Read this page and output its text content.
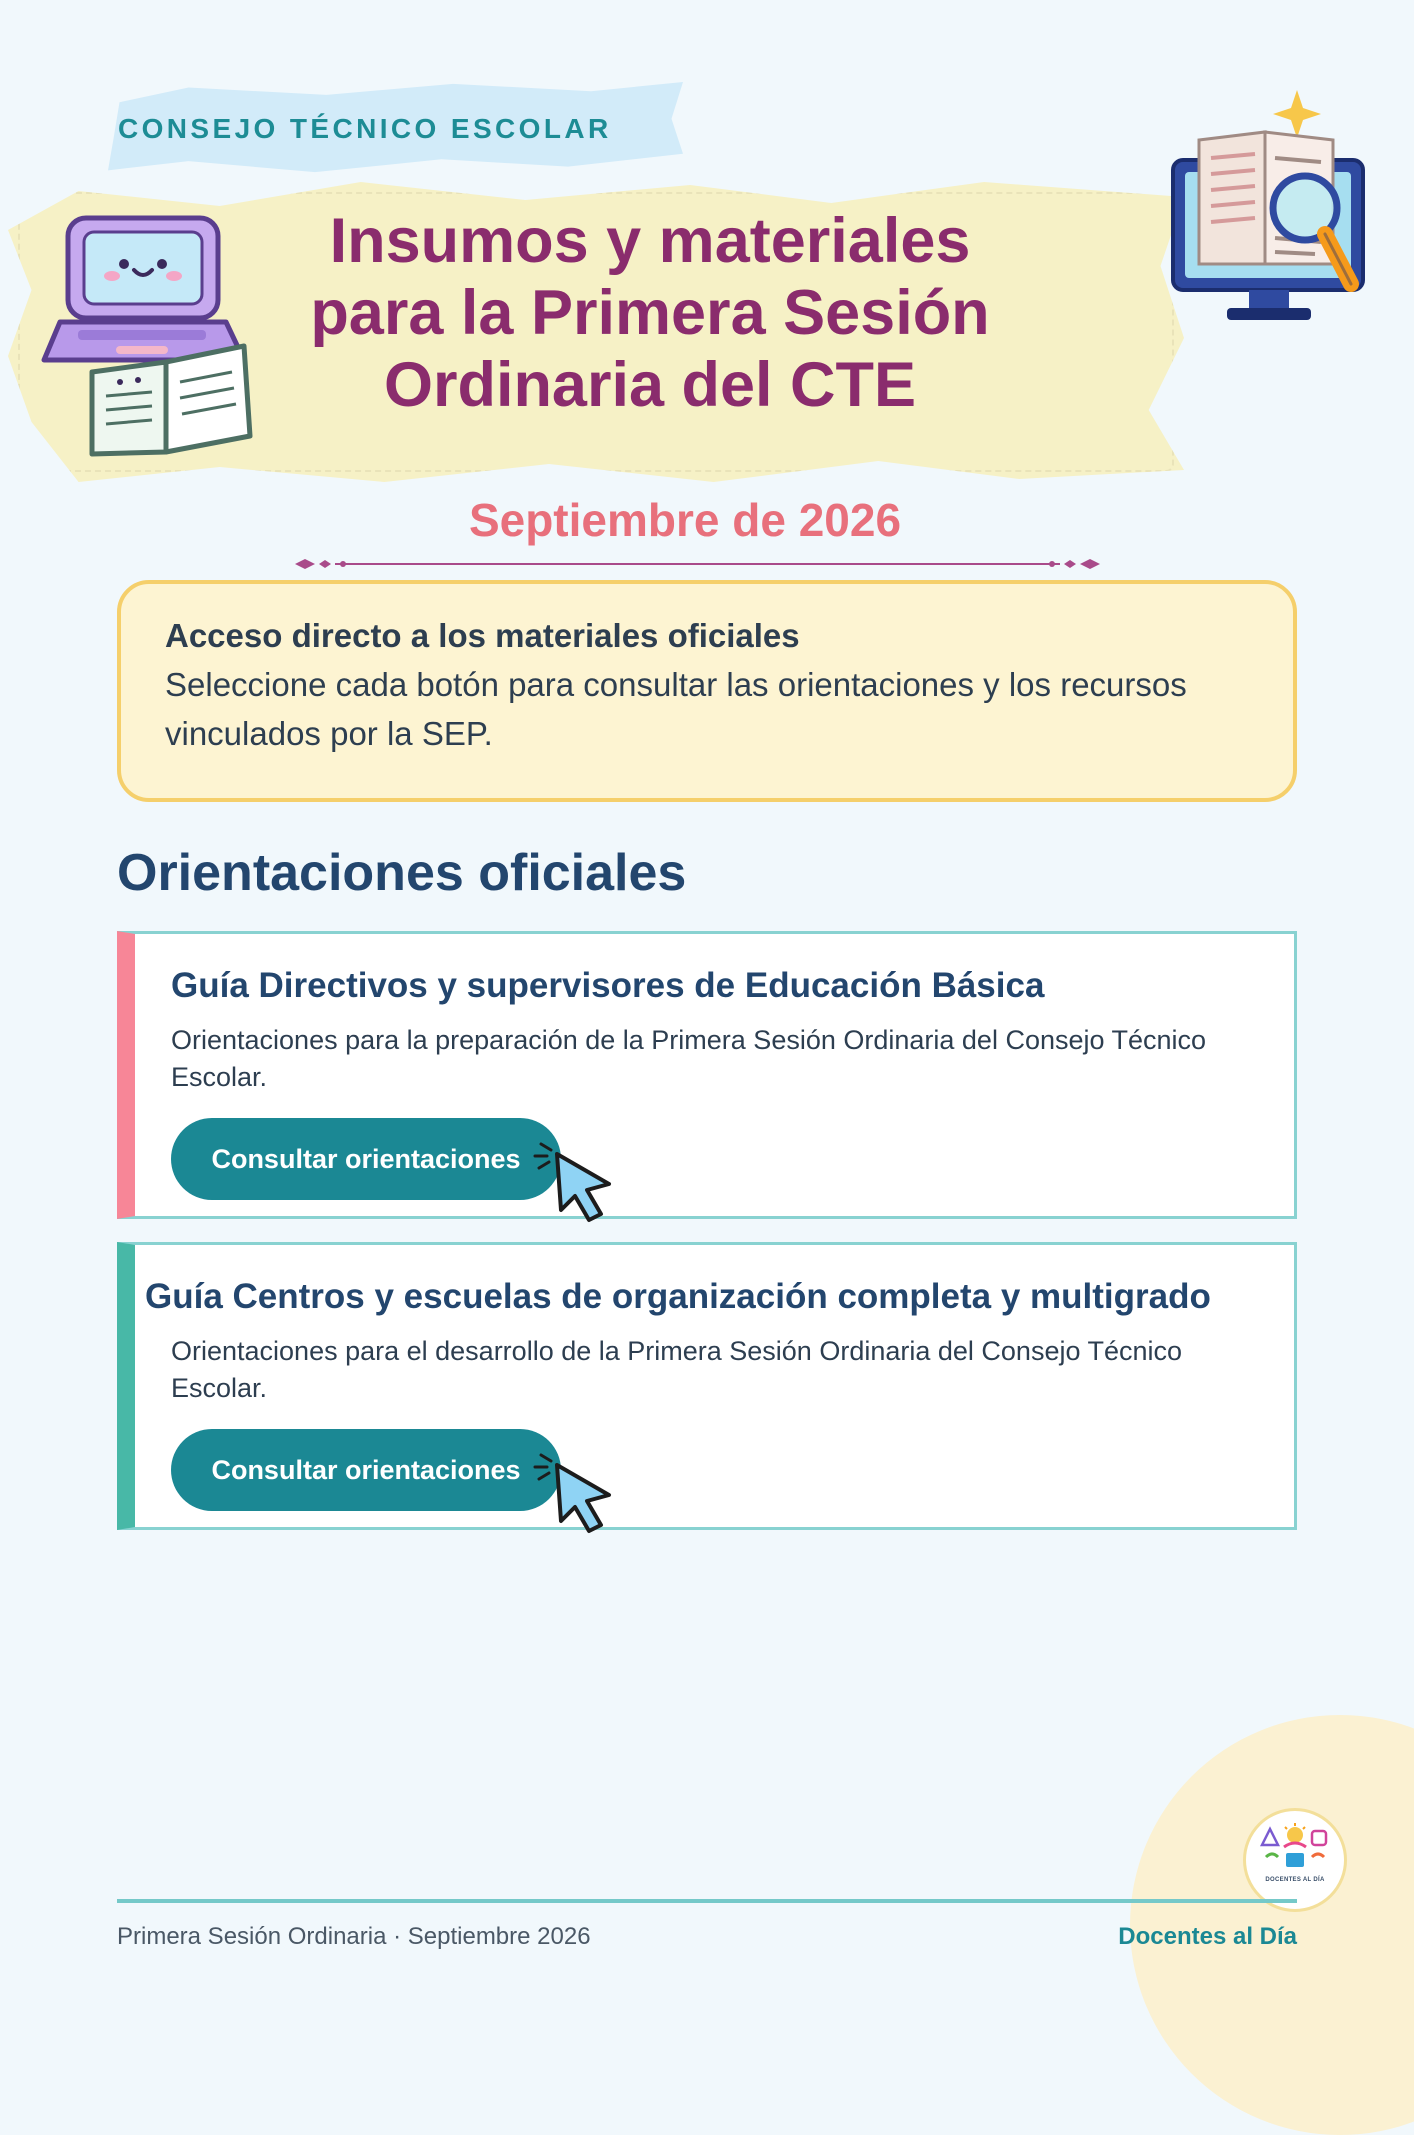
CONSEJO TÉCNICO ESCOLAR

Insumos y materiales
para la Primera Sesión
Ordinaria del CTE

Septiembre de 2026

Acceso directo a los materiales oficiales

Seleccione cada botón para consultar las orientaciones y los recursos vinculados por la SEP.

Orientaciones oficiales
Guía Directivos y supervisores de Educación Básica

Orientaciones para la preparación de la Primera Sesión Ordinaria del Consejo Técnico Escolar.

Consultar orientaciones
Guía Centros y escuelas de organización completa y multigrado

Orientaciones para el desarrollo de la Primera Sesión Ordinaria del Consejo Técnico Escolar.

Consultar orientaciones
DOCENTES AL DÍA

Primera Sesión Ordinaria · Septiembre 2026	Docentes al Día
